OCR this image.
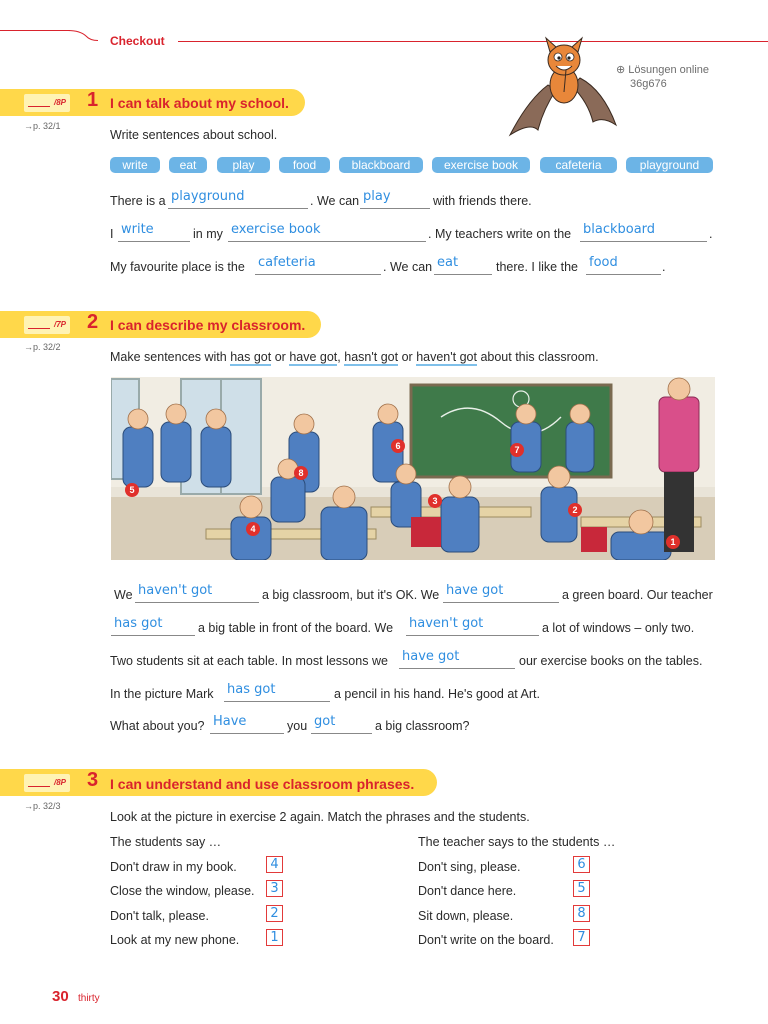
Checkout
⊕ Lösungen online
36g676
/8P 1 I can talk about my school.
→p. 32/1
Write sentences about school.
write	eat	play	food	blackboard	exercise book	cafeteria	playground
There is a playground	. We can play	with friends there.
I write	in my exercise book	. My teachers write on the blackboard	.
My favourite place is the cafeteria	. We can eat	there. I like the food	.
/7P 2 I can describe my classroom.
→p. 32/2
Make sentences with has got or have got, hasn't got or haven't got about this classroom.
1
2
3
4
5
6	7
8
We haven't got	a big classroom, but it's OK. We have got	a green board. Our teacher
has got	a big table in front of the board. We haven't got	a lot of windows – only two.
Two students sit at each table. In most lessons we have got	our exercise books on the tables.
In the picture Mark has got	a pencil in his hand. He's good at Art.
What about you? Have	you got	a big classroom?
/8P 3 I can understand and use classroom phrases.
→p. 32/3
Look at the picture in exercise 2 again. Match the phrases and the students.
The students say …	The teacher says to the students …
Don't draw in my book.	4
Close the window, please.	3
Don't talk, please.	2
Look at my new phone.	1
Don't sing, please.	6
Don't dance here.	5
Sit down, please.	8
Don't write on the board.	7
30 thirty
